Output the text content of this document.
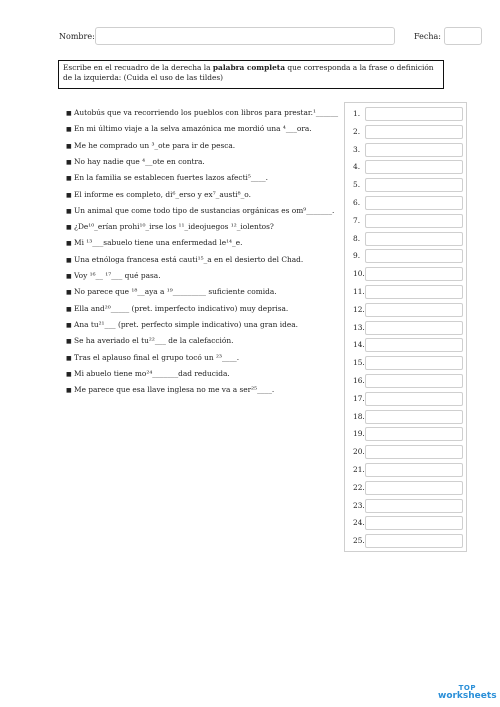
Nombre:	Fecha:
Escribe en el recuadro de la derecha la palabra completa que corresponda a la frase o definición de la izquierda: (Cuida el uso de las tildes)
■ Autobús que va recorriendo los pueblos con libros para prestar.¹______
■ En mi último viaje a la selva amazónica me mordió una ⁴___ora.
■ Me he comprado un ³_ote para ir de pesca.
■ No hay nadie que ⁴__ote en contra.
■ En la familia se establecen fuertes lazos afecti⁵____.
■ El informe es completo, di⁶_erso y ex⁷_austi⁸_o.
■ Un animal que come todo tipo de sustancias orgánicas es om⁹_______.
■ ¿De¹⁰_erían prohi¹⁰_irse los ¹¹_ideojuegos ¹²_iolentos?
■ Mi ¹³___sabuelo tiene una enfermedad le¹⁴_e.
■ Una etnóloga francesa está cauti¹⁵_a en el desierto del Chad.
■ Voy ¹⁶__ ¹⁷___ qué pasa.
■ No parece que ¹⁸__aya a ¹⁹_________ suficiente comida.
■ Ella and²⁰_____ (pret. imperfecto indicativo) muy deprisa.
■ Ana tu²¹___ (pret. perfecto simple indicativo) una gran idea.
■ Se ha averiado el tu²²___ de la calefacción.
■ Tras el aplauso final el grupo tocó un ²³____.
■ Mi abuelo tiene mo²⁴_______dad reducida.
■ Me parece que esa llave inglesa no me va a ser²⁵____.
1.
2.
3.
4.
5.
6.
7.
8.
9.
10.
11.
12.
13.
14.
15.
16.
17.
18.
19.
20.
21.
22.
23.
24.
25.
TOP
worksheets
